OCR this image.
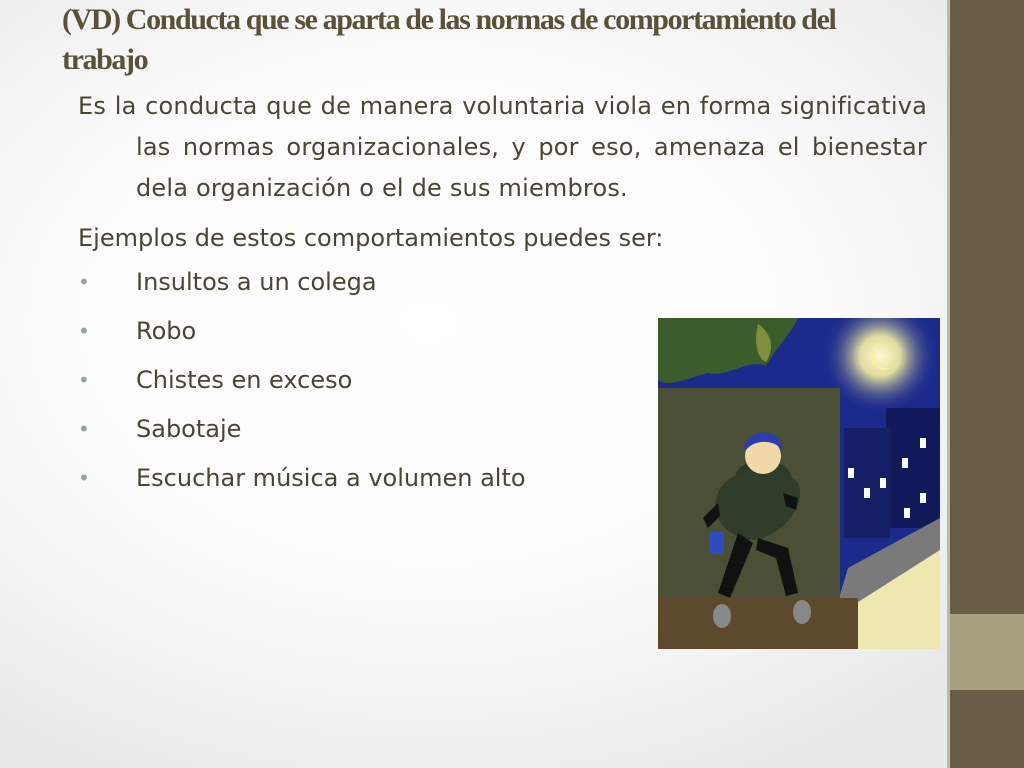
(VD) Conducta que se aparta de las normas de comportamiento del trabajo

Es la conducta que de manera voluntaria viola en forma significativa las normas organizacionales, y por eso, amenaza el bienestar dela organización o el de sus miembros.

Ejemplos de estos comportamientos puedes ser:

• Insultos a un colega
• Robo
• Chistes en exceso
• Sabotaje
• Escuchar música a volumen alto
